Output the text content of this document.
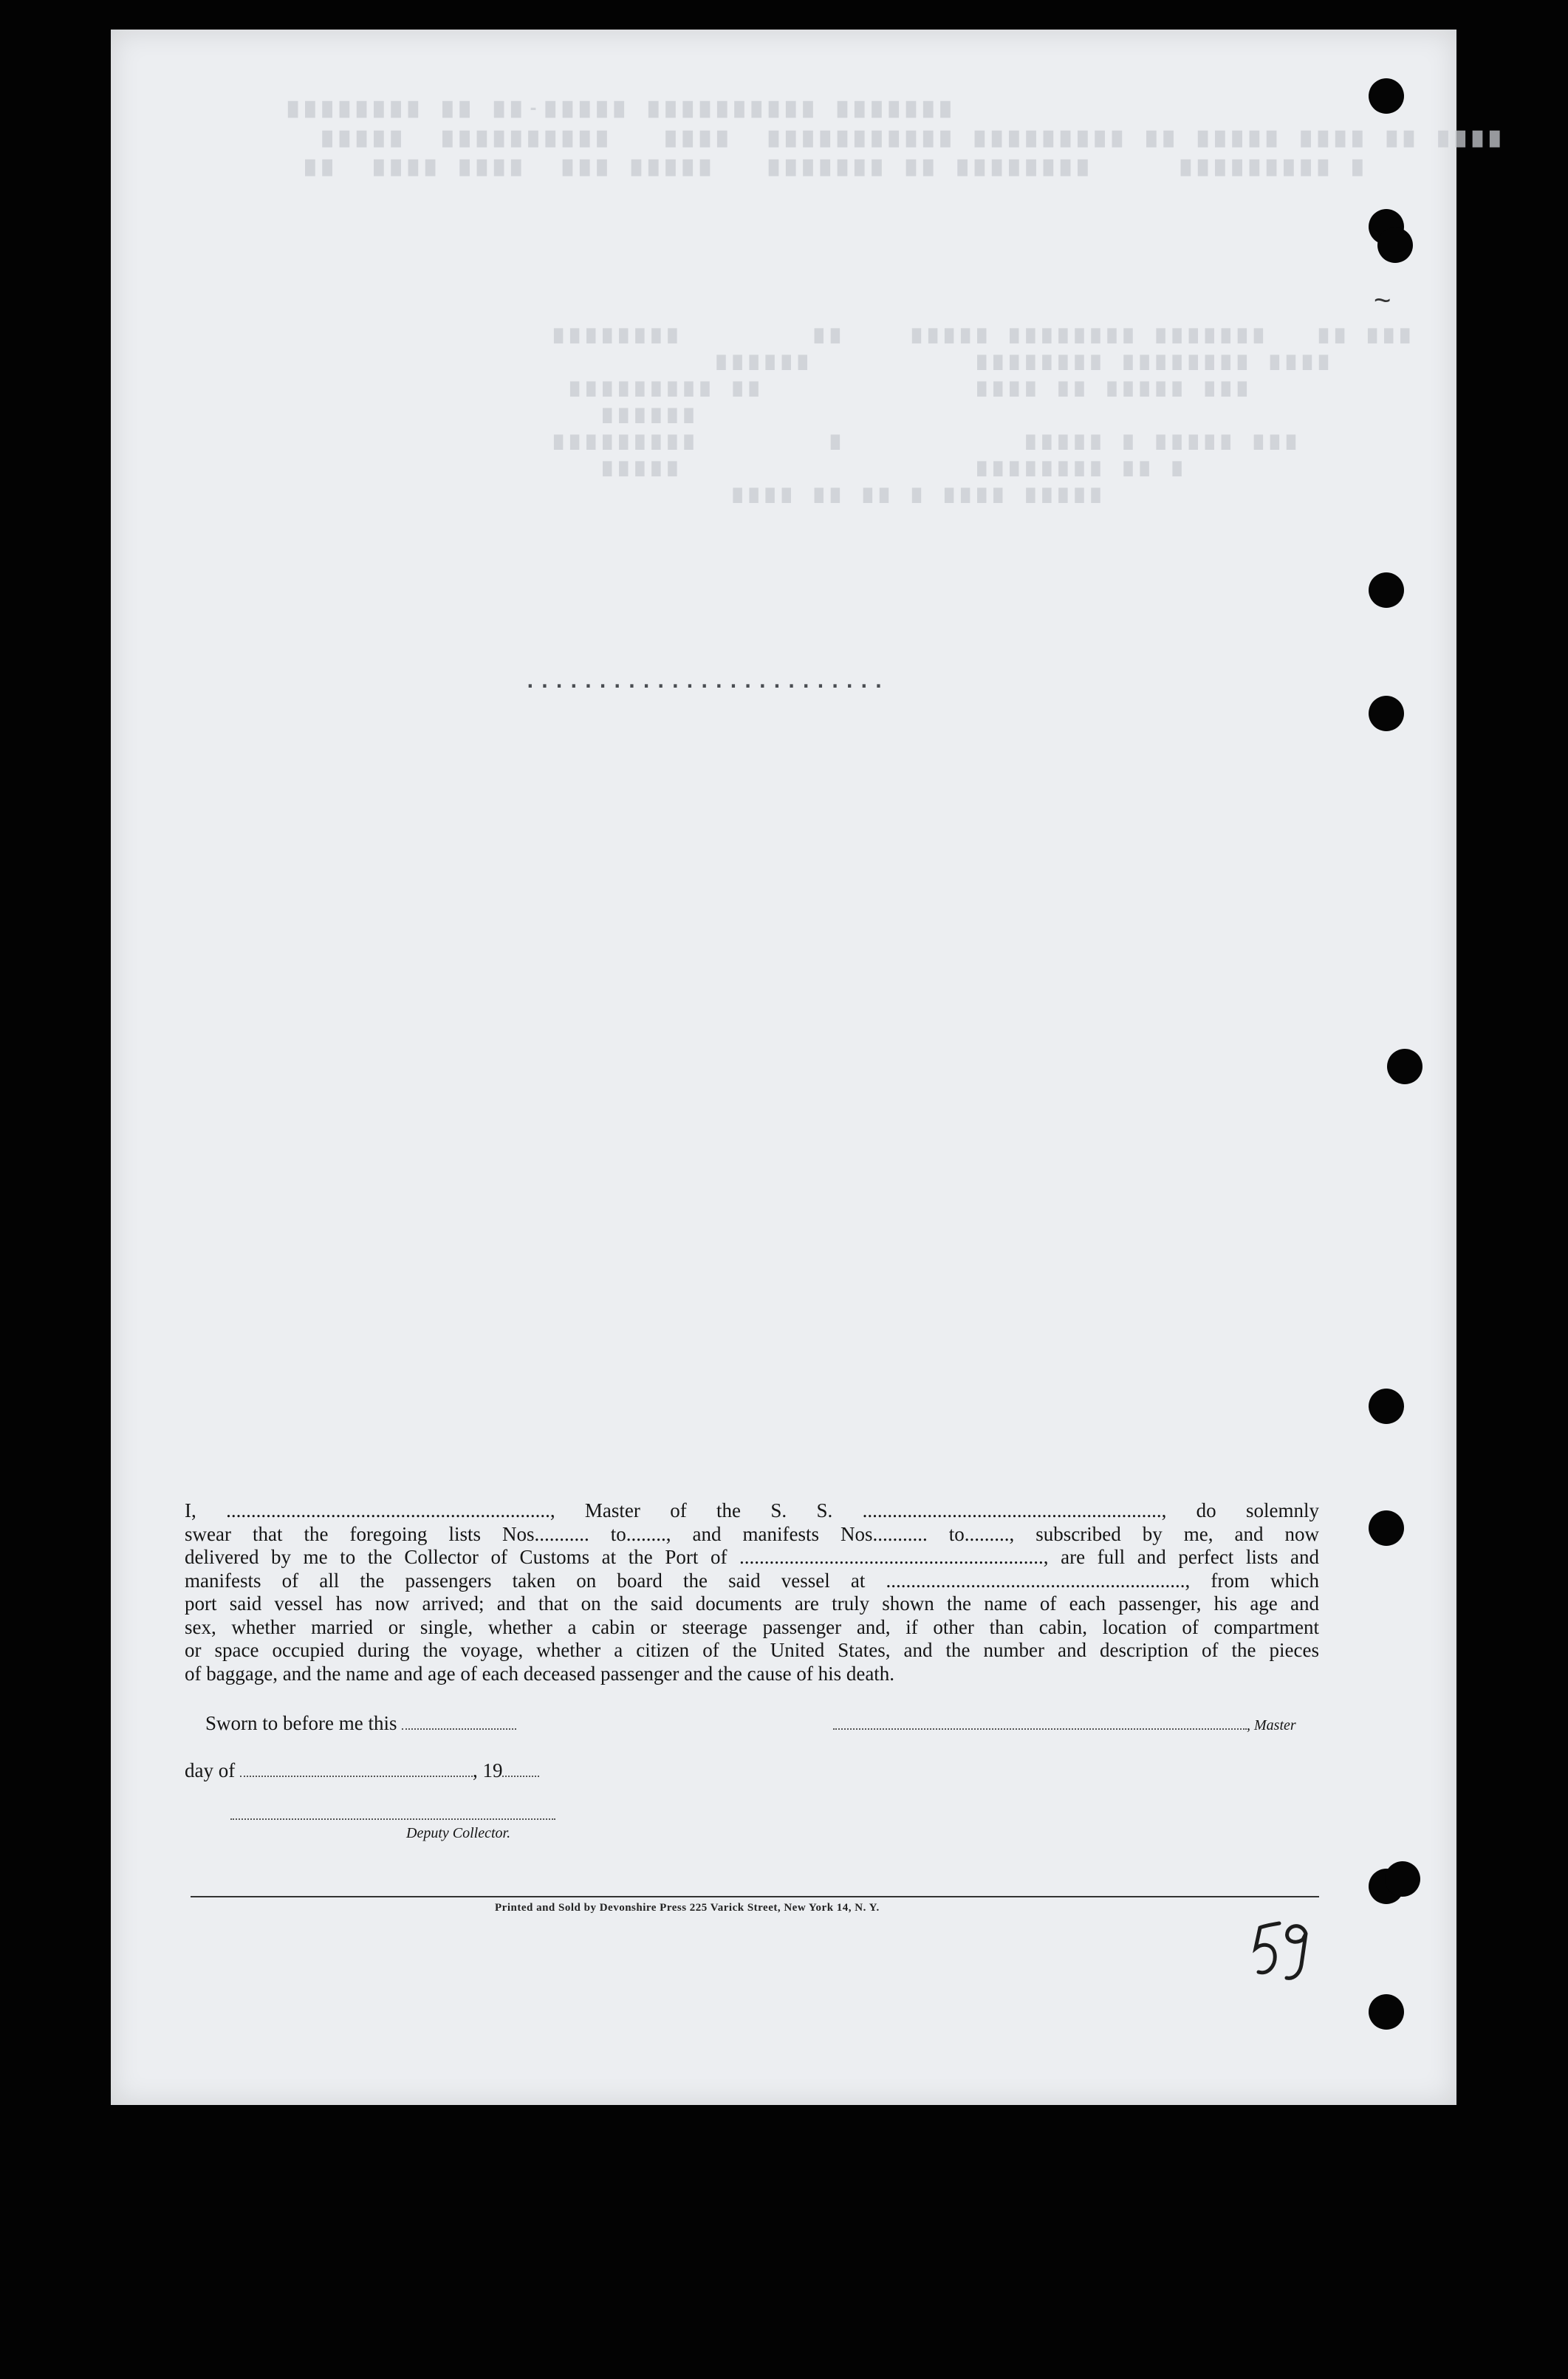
▇▇▇▇▇▇▇▇ ▇▇ ▇▇-▇▇▇▇▇ ▇▇▇▇▇▇▇▇▇▇ ▇▇▇▇▇▇▇
▇▇▇▇▇  ▇▇▇▇▇▇▇▇▇▇   ▇▇▇▇  ▇▇▇▇▇▇▇▇▇▇▇ ▇▇▇▇▇▇▇▇▇ ▇▇ ▇▇▇▇▇ ▇▇▇▇ ▇▇ ▇▇▇▇
▇▇  ▇▇▇▇ ▇▇▇▇  ▇▇▇ ▇▇▇▇▇   ▇▇▇▇▇▇▇ ▇▇ ▇▇▇▇▇▇▇▇     ▇▇▇▇▇▇▇▇▇ ▇
▇▇▇▇▇▇▇▇        ▇▇    ▇▇▇▇▇ ▇▇▇▇▇▇▇▇ ▇▇▇▇▇▇▇   ▇▇ ▇▇▇
▇▇▇▇▇▇          ▇▇▇▇▇▇▇▇ ▇▇▇▇▇▇▇▇ ▇▇▇▇
▇▇▇▇▇▇▇▇▇ ▇▇             ▇▇▇▇ ▇▇ ▇▇▇▇▇ ▇▇▇
▇▇▇▇▇▇
▇▇▇▇▇▇▇▇▇        ▇           ▇▇▇▇▇ ▇ ▇▇▇▇▇ ▇▇▇
▇▇▇▇▇                  ▇▇▇▇▇▇▇▇ ▇▇ ▇
▇▇▇▇ ▇▇ ▇▇ ▇ ▇▇▇▇ ▇▇▇▇▇
.........................
~
I, ................................................................., Master of the S. S. ............................................................, do solemnly
swear that the foregoing lists Nos........... to........, and manifests Nos........... to........., subscribed by me, and now
delivered by me to the Collector of Customs at the Port of ............................................................., are full and perfect lists and
manifests of all the passengers taken on board the said vessel at ............................................................, from which
port said vessel has now arrived; and that on the said documents are truly shown the name of each passenger, his age and
sex, whether married or single, whether a cabin or steerage passenger and, if other than cabin, location of compartment
or space occupied during the voyage, whether a citizen of the United States, and the number and description of the pieces
of baggage, and the name and age of each deceased passenger and the cause of his death.
Sworn to before me this	, Master
day of	, 19
Deputy Collector.
Printed and Sold by Devonshire Press 225 Varick Street, New York 14, N. Y.
